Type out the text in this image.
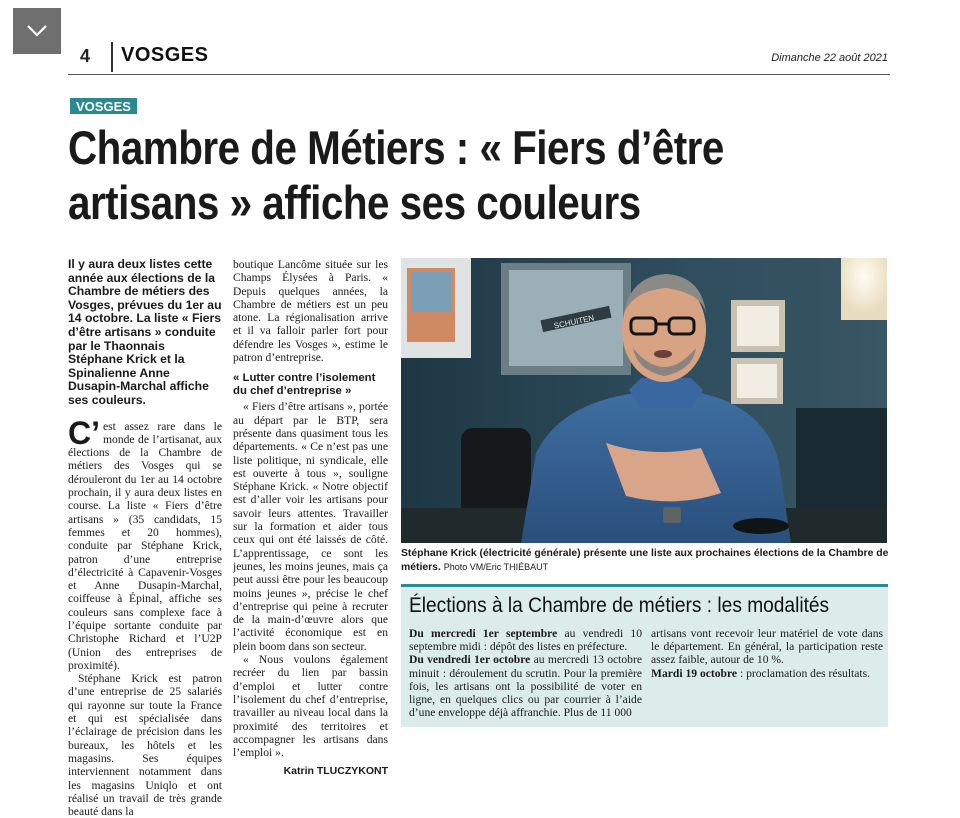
4 VOSGES	Dimanche 22 août 2021
VOSGES
Chambre de Métiers : « Fiers d’être
artisans » affiche ses couleurs
Il y aura deux listes cette année aux élections de la Chambre de métiers des Vosges, prévues du 1er au 14 octobre. La liste « Fiers d’être artisans » conduite par le Thaonnais Stéphane Krick et la Spinalienne Anne Dusapin-Marchal affiche ses couleurs.

C’ est assez rare dans le monde de l’artisanat, aux élections de la Chambre de métiers des Vosges qui se dérouleront du 1er au 14 octobre prochain, il y aura deux listes en course. La liste « Fiers d’être artisans » (35 candidats, 15 femmes et 20 hommes), conduite par Stéphane Krick, patron d’une entreprise d’électricité à Capavenir-Vosges et Anne Dusapin-Marchal, coiffeuse à Épinal, affiche ses couleurs sans complexe face à l’équipe sortante conduite par Christophe Richard et l’U2P (Union des entreprises de proximité).

Stéphane Krick est patron d’une entreprise de 25 salariés qui rayonne sur toute la France et qui est spécialisée dans l’éclairage de précision dans les bureaux, les hôtels et les magasins. Ses équipes interviennent notamment dans les magasins Uniqlo et ont réalisé un travail de très grande beauté dans la

boutique Lancôme située sur les Champs Élysées à Paris. « Depuis quelques années, la Chambre de métiers est un peu atone. La régionalisation arrive et il va falloir parler fort pour défendre les Vosges », estime le patron d’entreprise.

« Lutter contre l’isolement du chef d’entreprise »

« Fiers d’être artisans », portée au départ par le BTP, sera présente dans quasiment tous les départements. « Ce n’est pas une liste politique, ni syndicale, elle est ouverte à tous », souligne Stéphane Krick. « Notre objectif est d’aller voir les artisans pour savoir leurs attentes. Travailler sur la formation et aider tous ceux qui ont été laissés de côté. L’apprentissage, ce sont les jeunes, les moins jeunes, mais ça peut aussi être pour les beaucoup moins jeunes », précise le chef d’entreprise qui peine à recruter de la main-d’œuvre alors que l’activité économique est en plein boom dans son secteur.

« Nous voulons également recréer du lien par bassin d’emploi et lutter contre l’isolement du chef d’entreprise, travailler au niveau local dans la proximité des territoires et accompagner les artisans dans l’emploi ».

Katrin TLUCZYKONT
SCHUITEN
Stéphane Krick (électricité générale) présente une liste aux prochaines élections de la Chambre de métiers. Photo VM/Eric THIÉBAUT
Élections à la Chambre de métiers : les modalités

Du mercredi 1er septembre au vendredi 10 septembre midi : dépôt des listes en préfecture.

Du vendredi 1er octobre au mercredi 13 octobre minuit : déroulement du scrutin. Pour la première fois, les artisans ont la possibilité de voter en ligne, en quelques clics ou par courrier à l’aide d’une enveloppe déjà affranchie. Plus de 11 000

artisans vont recevoir leur matériel de vote dans le département. En général, la participation reste assez faible, autour de 10 %.

Mardi 19 octobre : proclamation des résultats.
